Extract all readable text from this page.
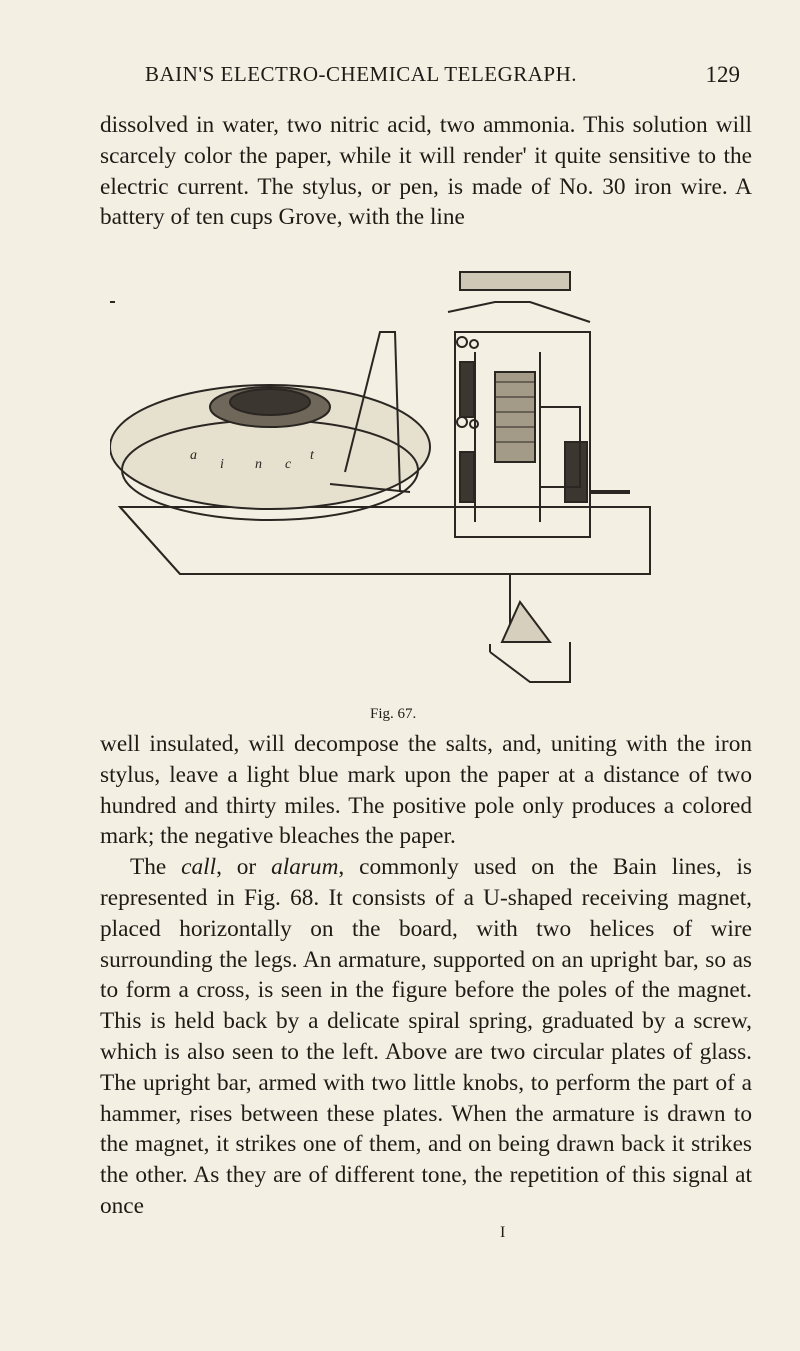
BAIN'S ELECTRO-CHEMICAL TELEGRAPH.	129

dissolved in water, two nitric acid, two ammonia. This solution will scarcely color the paper, while it will render' it quite sensitive to the electric current. The stylus, or pen, is made of No. 30 iron wire. A battery of ten cups Grove, with the line

a
i n c
t
Fig. 67.

well insulated, will decompose the salts, and, uniting with the iron stylus, leave a light blue mark upon the paper at a distance of two hundred and thirty miles. The positive pole only produces a colored mark; the negative bleaches the paper.

The call, or alarum, commonly used on the Bain lines, is represented in Fig. 68. It consists of a U-shaped receiving magnet, placed horizontally on the board, with two helices of wire surrounding the legs. An armature, supported on an upright bar, so as to form a cross, is seen in the figure before the poles of the magnet. This is held back by a delicate spiral spring, graduated by a screw, which is also seen to the left. Above are two circular plates of glass. The upright bar, armed with two little knobs, to perform the part of a hammer, rises between these plates. When the armature is drawn to the magnet, it strikes one of them, and on being drawn back it strikes the other. As they are of different tone, the repetition of this signal at once

I
